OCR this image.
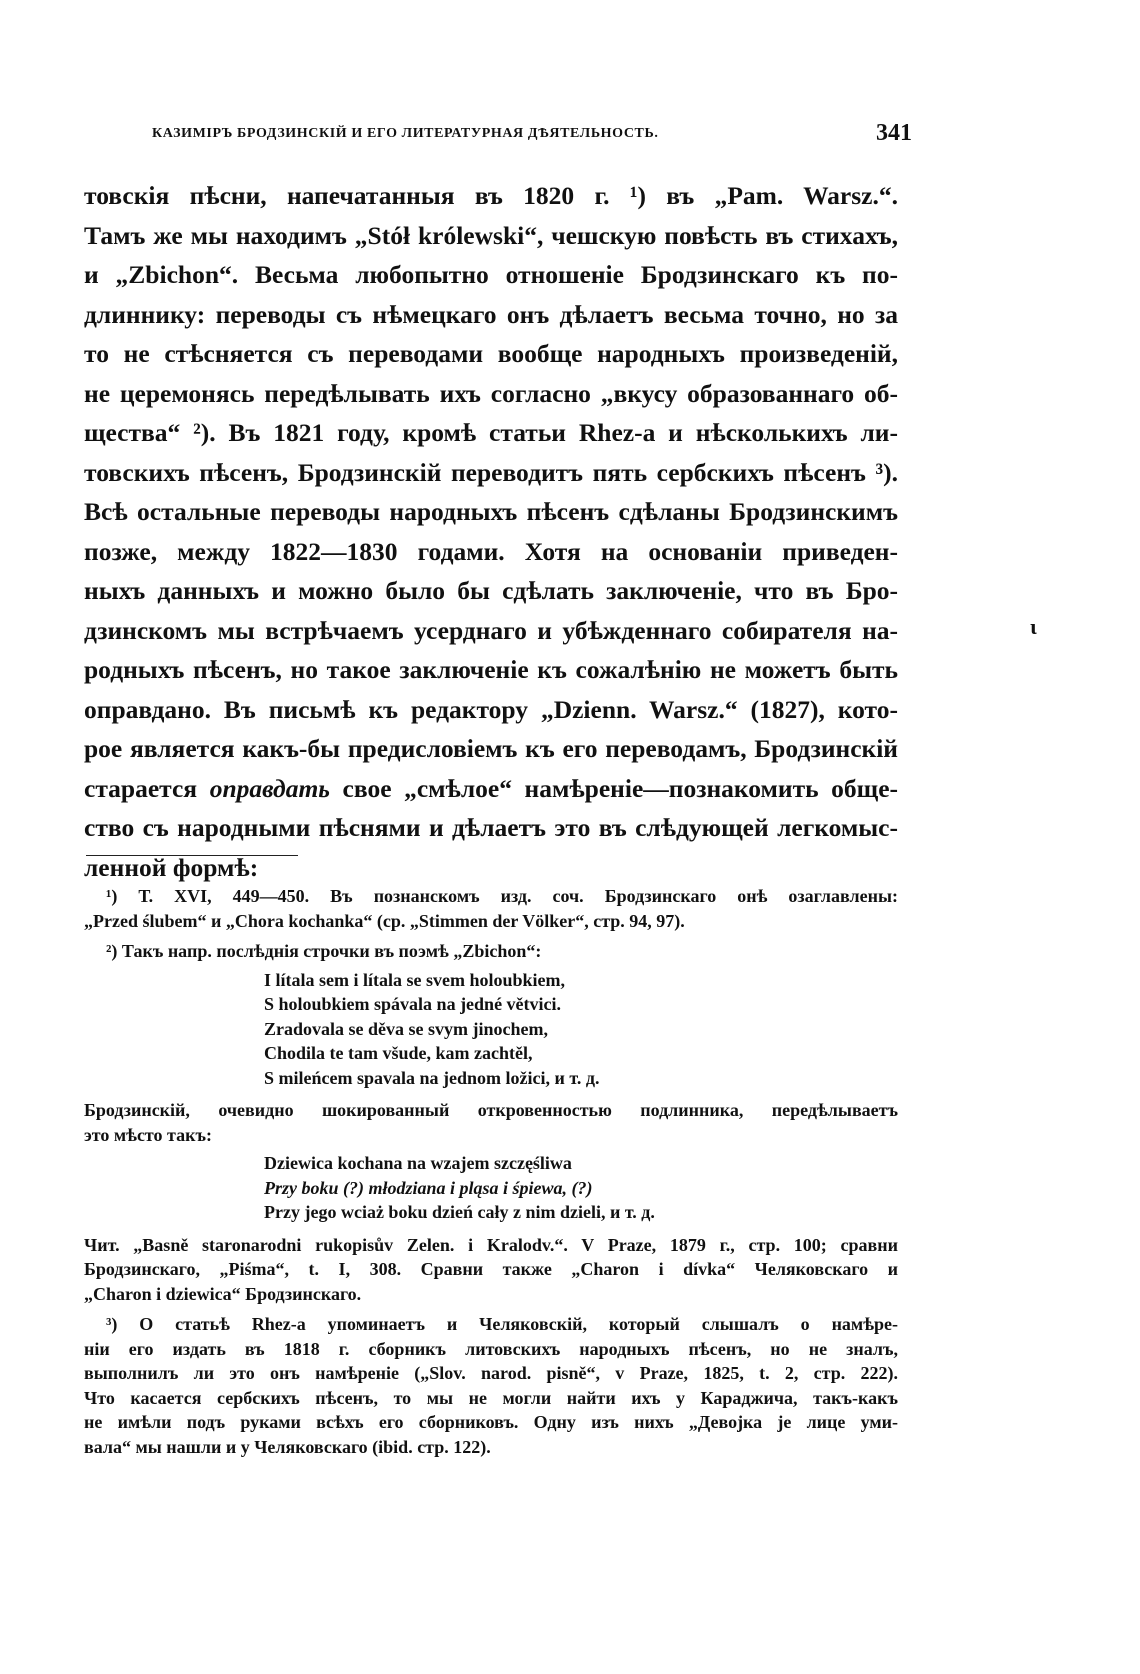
КАЗИМІРЪ БРОДЗИНСКІЙ И ЕГО ЛИТЕРАТУРНАЯ ДѢЯТЕЛЬНОСТЬ.	341
товскія пѣсни, напечатанныя въ 1820 г. ¹) въ „Pam. Warsz.“.
Тамъ же мы находимъ „Stół królewski“, чешскую повѣсть въ стихахъ,
и „Zbichon“. Весьма любопытно отношеніе Бродзинскаго къ по-
длиннику: переводы съ нѣмецкаго онъ дѣлаетъ весьма точно, но за
то не стѣсняется съ переводами вообще народныхъ произведеній,
не церемонясь передѣлывать ихъ согласно „вкусу образованнаго об-
щества“ ²). Въ 1821 году, кромѣ статьи Rhez-a и нѣсколькихъ ли-
товскихъ пѣсенъ, Бродзинскій переводитъ пять сербскихъ пѣсенъ ³).
Всѣ остальные переводы народныхъ пѣсенъ сдѣланы Бродзинскимъ
позже, между 1822—1830 годами. Хотя на основаніи приведен-
ныхъ данныхъ и можно было бы сдѣлать заключеніе, что въ Бро-
дзинскомъ мы встрѣчаемъ усерднаго и убѣжденнаго собирателя на-
родныхъ пѣсенъ, но такое заключеніе къ сожалѣнію не можетъ быть
оправдано. Въ письмѣ къ редактору „Dzienn. Warsz.“ (1827), кото-
рое является какъ-бы предисловіемъ къ его переводамъ, Бродзинскій
старается оправдать свое „смѣлое“ намѣреніе—познакомить обще-
ство съ народными пѣснями и дѣлаетъ это въ слѣдующей легкомыс-
ленной формѣ:
ι
¹) Т. XVI, 449—450. Въ познанскомъ изд. соч. Бродзинскаго онѣ озаглавлены:
„Przed ślubem“ и „Chora kochanka“ (ср. „Stimmen der Völker“, стр. 94, 97).
²) Такъ напр. послѣднія строчки въ поэмѣ „Zbichon“:
I lítala sem i lítala se svem holoubkiem,
S holoubkiem spávala na jedné větvici.
Zradovala se děva se svym jinochem,
Chodila te tam všude, kam zachtěl,
S mileńcem spavala na jednom ložici, и т. д.
Бродзинскій, очевидно шокированный откровенностью подлинника, передѣлываетъ
это мѣсто такъ:
Dziewica kochana na wzajem szczęśliwa
Przy boku (?) młodziana i pląsa i śpiewa, (?)
Przy jego wciaż boku dzień cały z nim dzieli, и т. д.
Чит. „Basně staronarodni rukopisův Zelen. i Kralodv.“. V Praze, 1879 г., стр. 100; сравни
Бродзинскаго, „Piśma“, t. I, 308. Сравни также „Charon i dívka“ Челяковскаго и
„Charon i dziewica“ Бродзинскаго.
³) О статьѣ Rhez-a упоминаетъ и Челяковскій, который слышалъ о намѣре-
ніи его издать въ 1818 г. сборникъ литовскихъ народныхъ пѣсенъ, но не зналъ,
выполнилъ ли это онъ намѣреніе („Slov. narod. pisně“, v Praze, 1825, t. 2, стр. 222).
Что касается сербскихъ пѣсенъ, то мы не могли найти ихъ у Караджича, такъ-какъ
не имѣли подъ руками всѣхъ его сборниковъ. Одну изъ нихъ „Девојка је лице уми-
вала“ мы нашли и у Челяковскаго (ibid. стр. 122).
